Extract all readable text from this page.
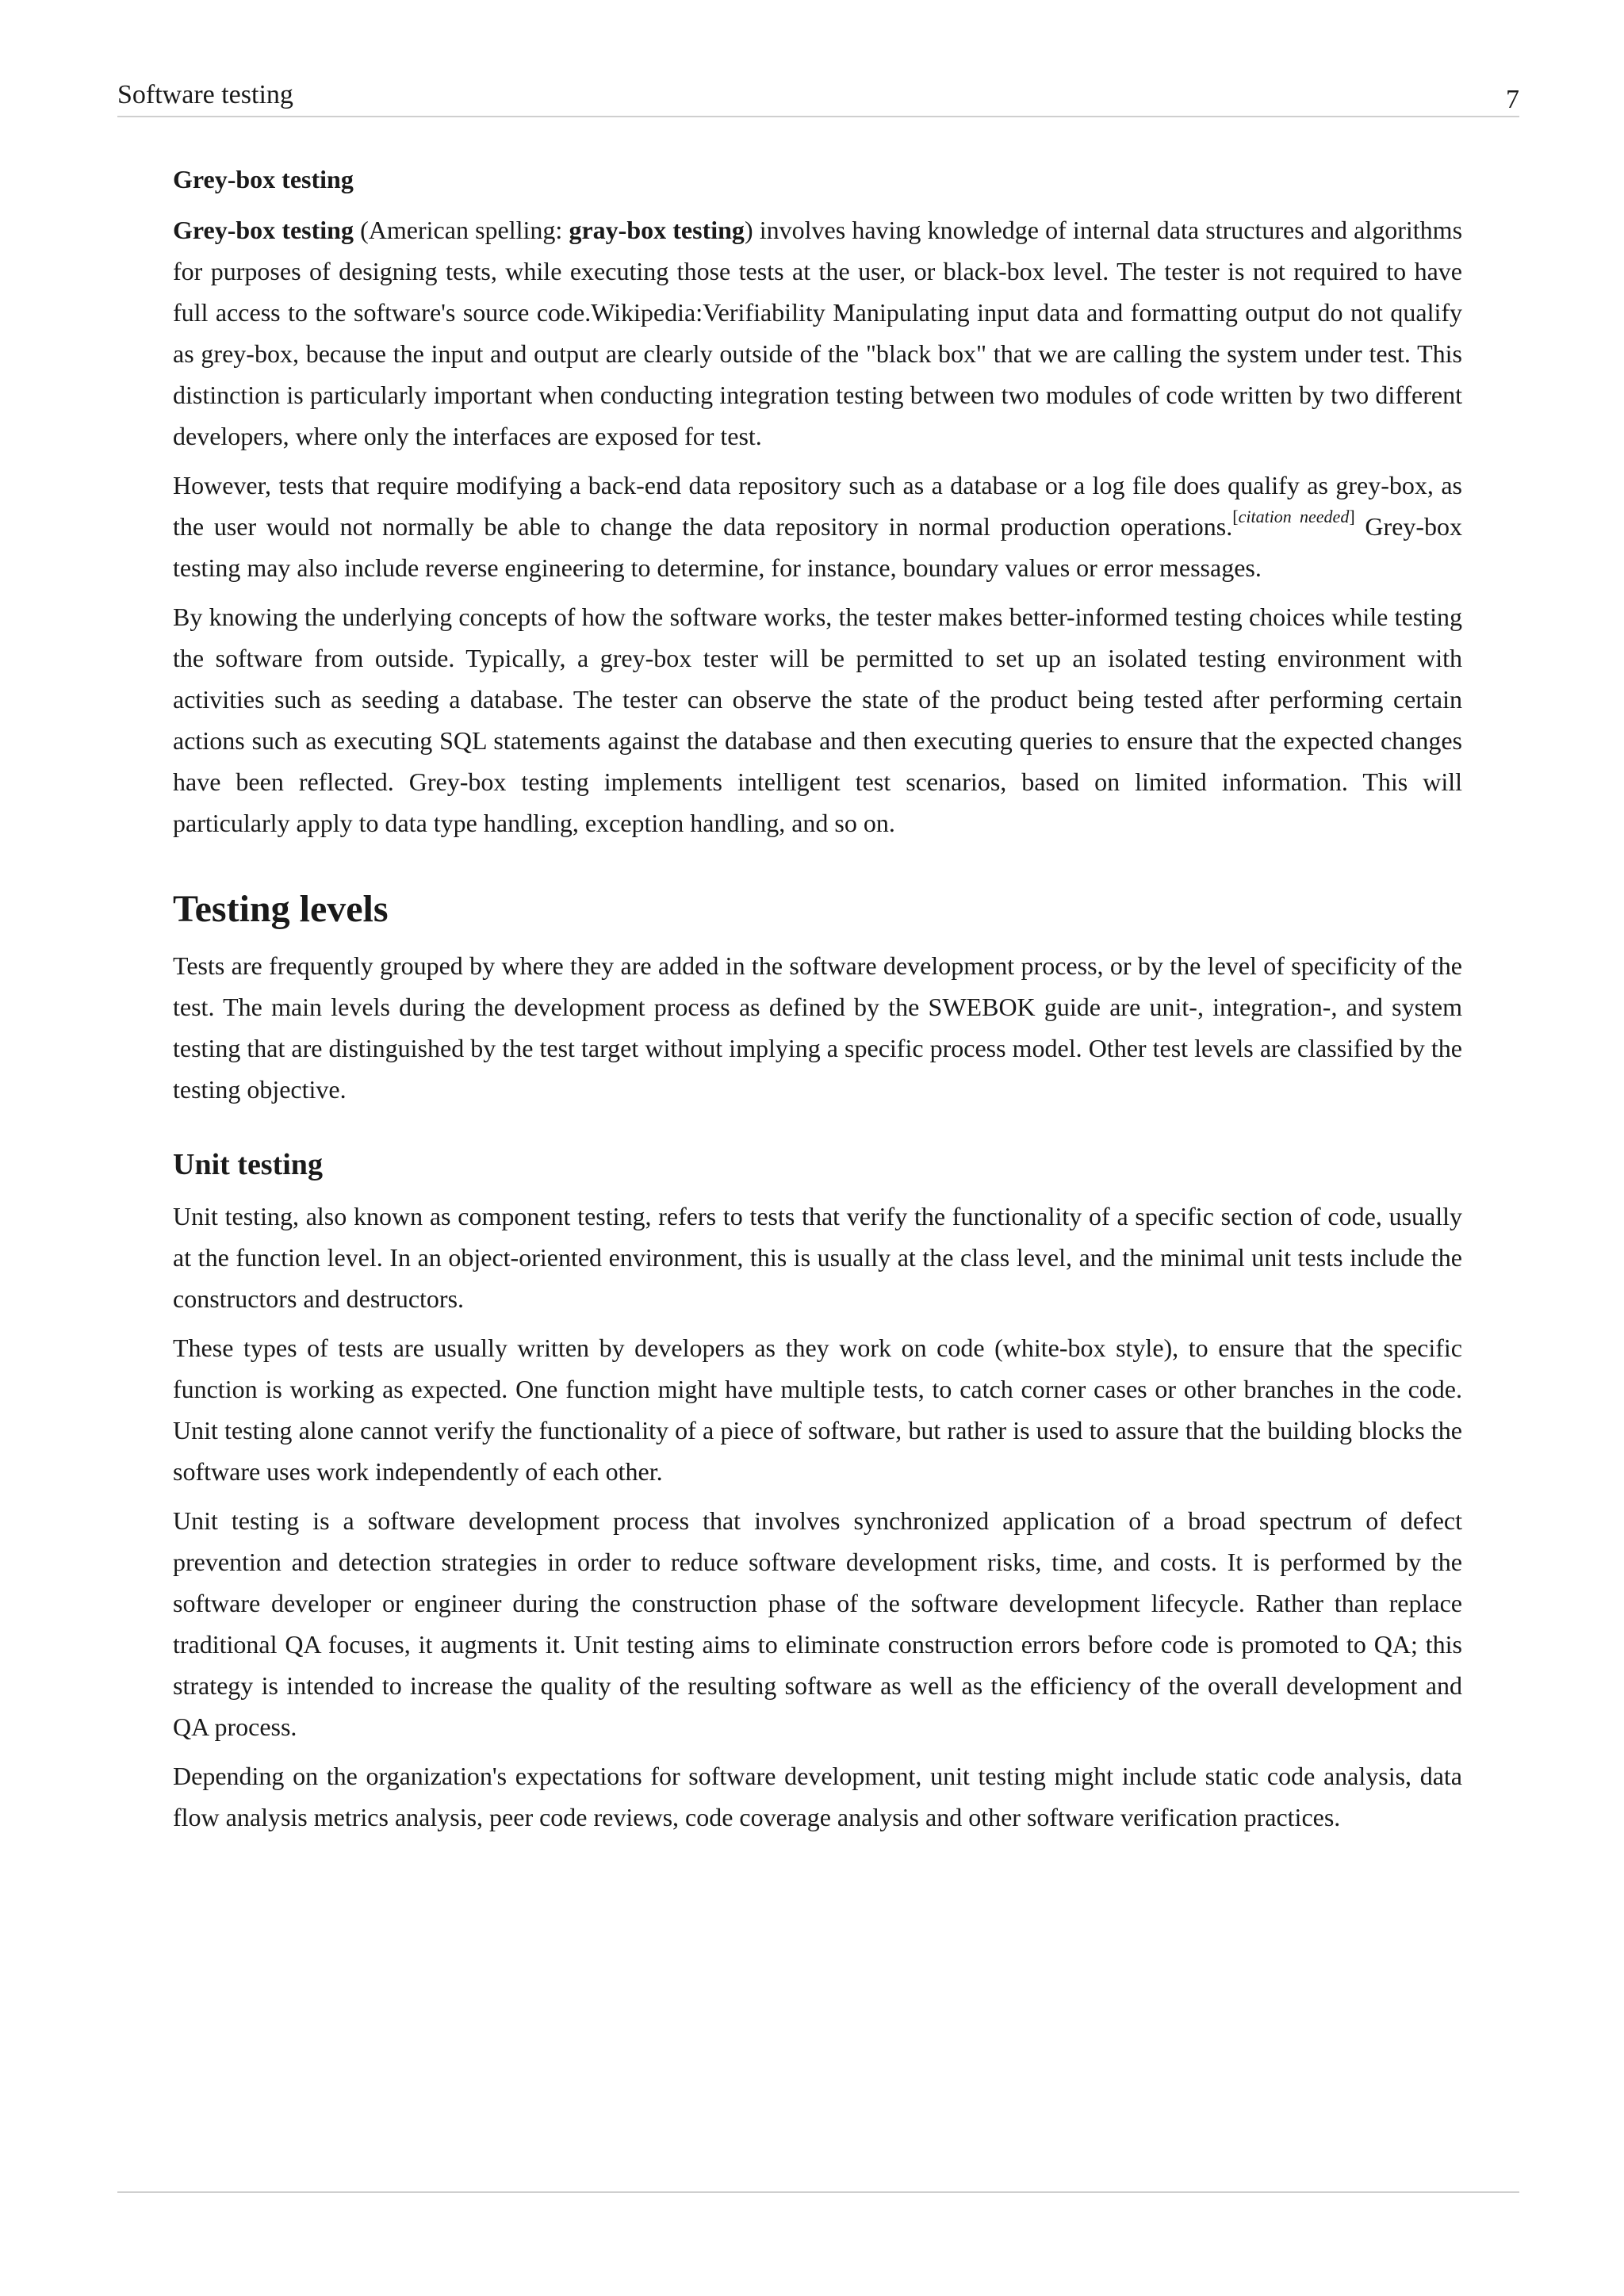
Software testing	7
Grey-box testing

Grey-box testing (American spelling: gray-box testing) involves having knowledge of internal data structures and algorithms for purposes of designing tests, while executing those tests at the user, or black-box level. The tester is not required to have full access to the software's source code.Wikipedia:Verifiability Manipulating input data and formatting output do not qualify as grey-box, because the input and output are clearly outside of the "black box" that we are calling the system under test. This distinction is particularly important when conducting integration testing between two modules of code written by two different developers, where only the interfaces are exposed for test.

However, tests that require modifying a back-end data repository such as a database or a log file does qualify as grey-box, as the user would not normally be able to change the data repository in normal production operations.[citation needed] Grey-box testing may also include reverse engineering to determine, for instance, boundary values or error messages.

By knowing the underlying concepts of how the software works, the tester makes better-informed testing choices while testing the software from outside. Typically, a grey-box tester will be permitted to set up an isolated testing environment with activities such as seeding a database. The tester can observe the state of the product being tested after performing certain actions such as executing SQL statements against the database and then executing queries to ensure that the expected changes have been reflected. Grey-box testing implements intelligent test scenarios, based on limited information. This will particularly apply to data type handling, exception handling, and so on.

Testing levels

Tests are frequently grouped by where they are added in the software development process, or by the level of specificity of the test. The main levels during the development process as defined by the SWEBOK guide are unit-, integration-, and system testing that are distinguished by the test target without implying a specific process model. Other test levels are classified by the testing objective.

Unit testing

Unit testing, also known as component testing, refers to tests that verify the functionality of a specific section of code, usually at the function level. In an object-oriented environment, this is usually at the class level, and the minimal unit tests include the constructors and destructors.

These types of tests are usually written by developers as they work on code (white-box style), to ensure that the specific function is working as expected. One function might have multiple tests, to catch corner cases or other branches in the code. Unit testing alone cannot verify the functionality of a piece of software, but rather is used to assure that the building blocks the software uses work independently of each other.

Unit testing is a software development process that involves synchronized application of a broad spectrum of defect prevention and detection strategies in order to reduce software development risks, time, and costs. It is performed by the software developer or engineer during the construction phase of the software development lifecycle. Rather than replace traditional QA focuses, it augments it. Unit testing aims to eliminate construction errors before code is promoted to QA; this strategy is intended to increase the quality of the resulting software as well as the efficiency of the overall development and QA process.

Depending on the organization's expectations for software development, unit testing might include static code analysis, data flow analysis metrics analysis, peer code reviews, code coverage analysis and other software verification practices.
